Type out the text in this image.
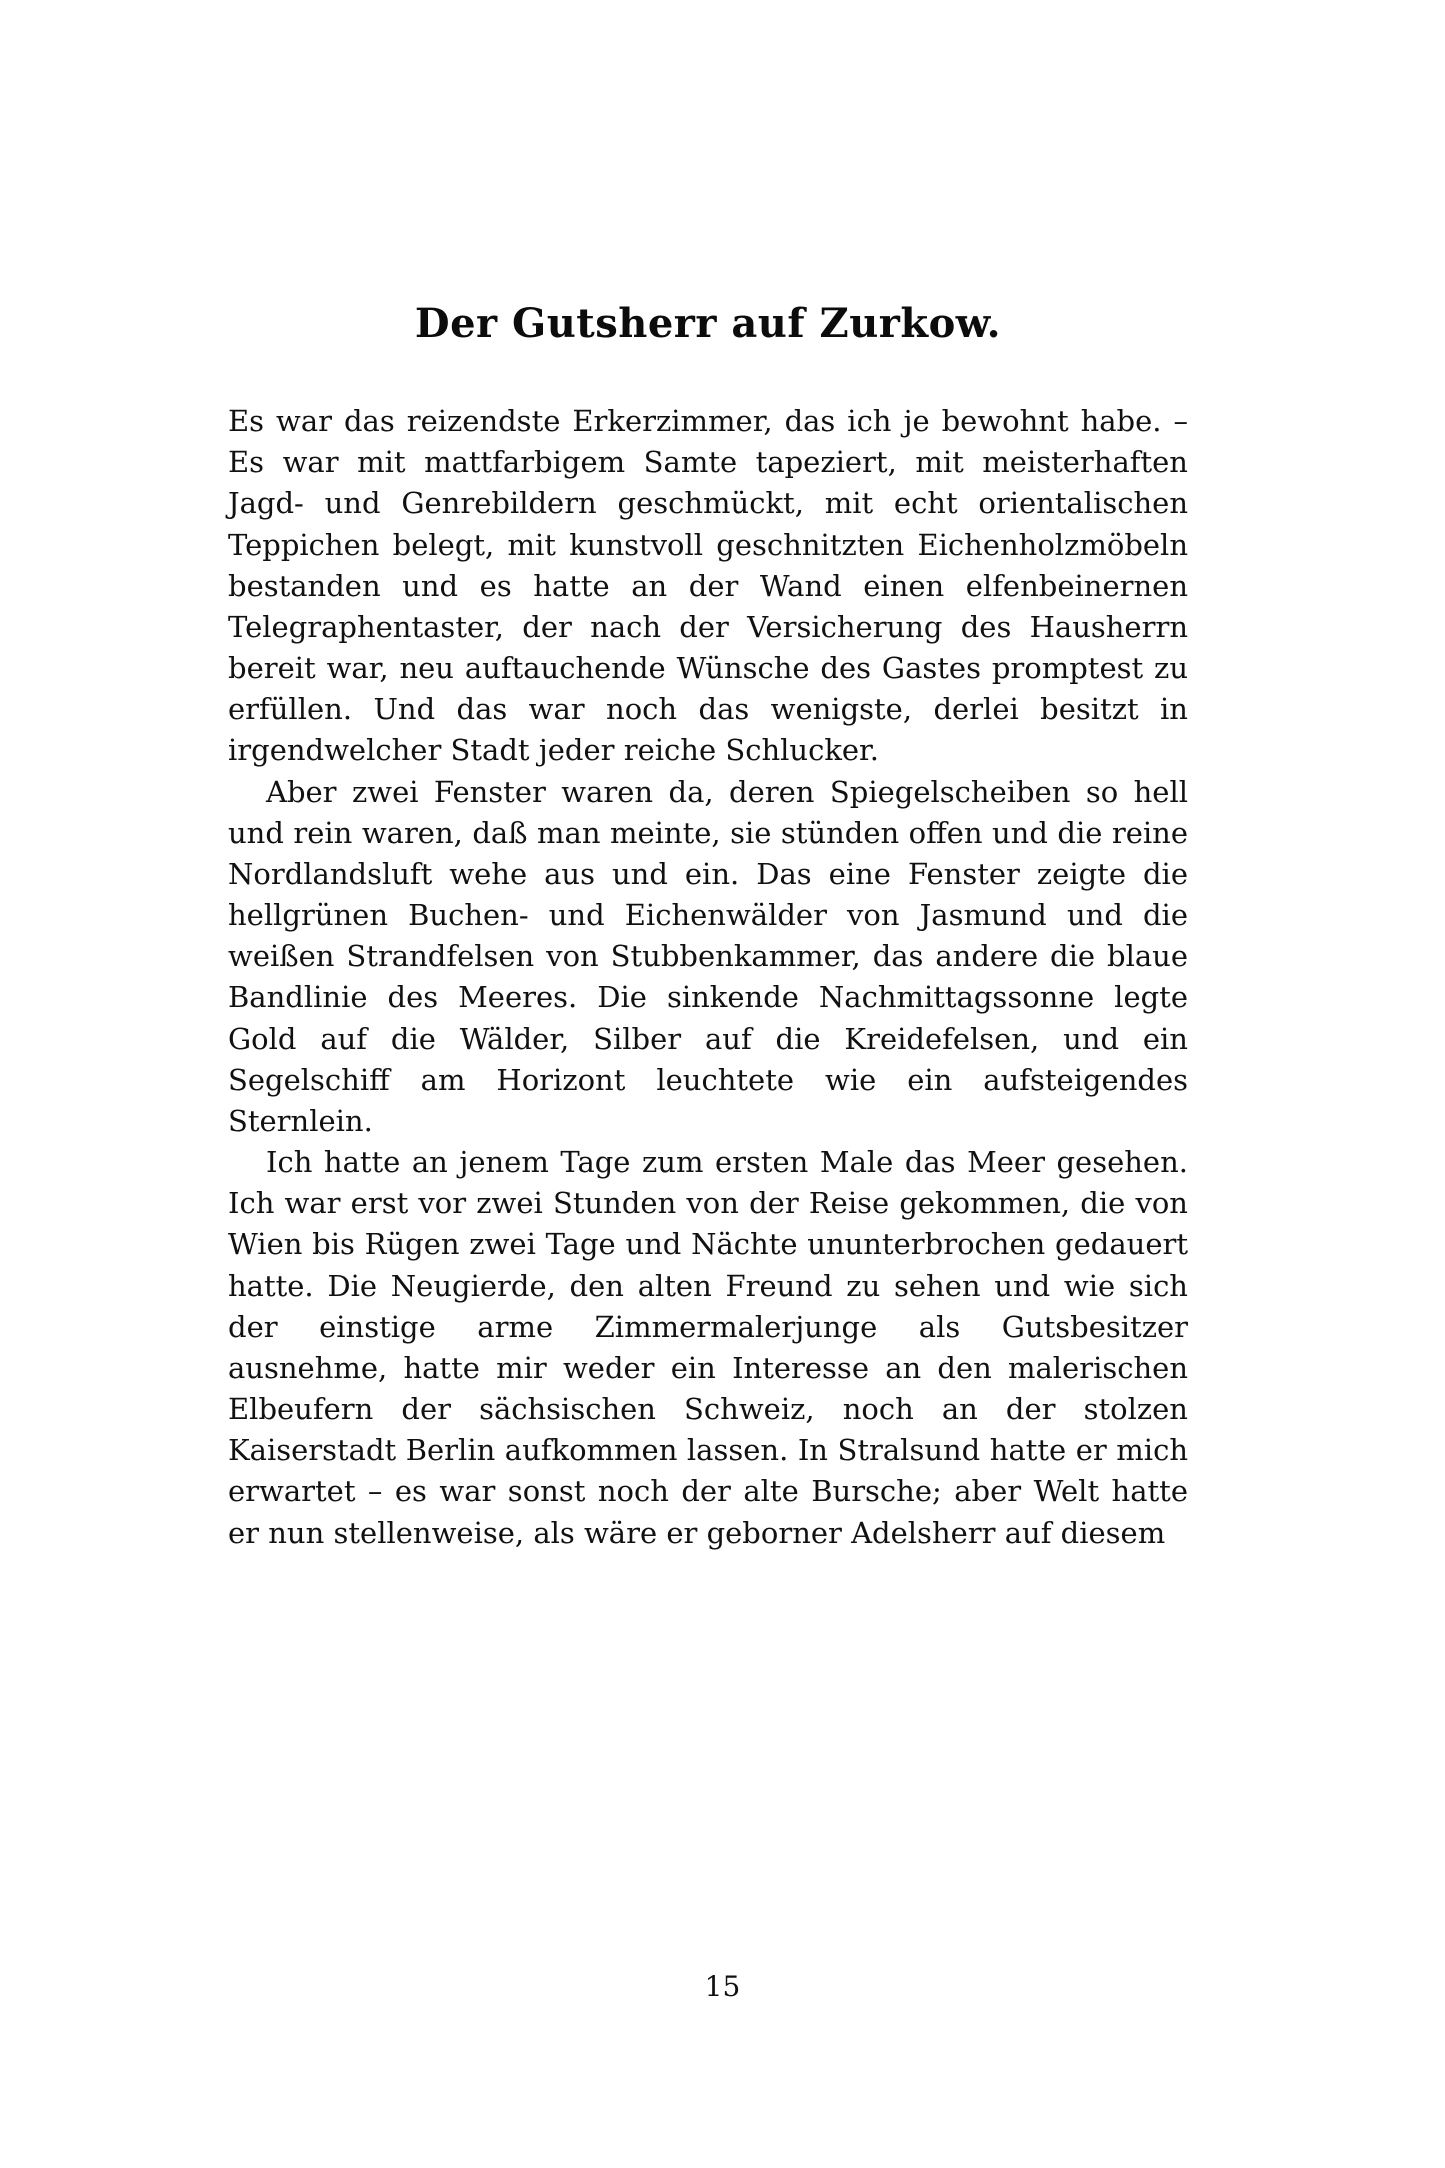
Der Gutsherr auf Zurkow.

Es war das reizendste Erkerzimmer, das ich je bewohnt habe. – Es war mit mattfarbigem Samte tapeziert, mit meisterhaften Jagd- und Genrebildern geschmückt, mit echt orientalischen Teppichen belegt, mit kunstvoll geschnitzten Eichenholzmöbeln bestanden und es hatte an der Wand einen elfenbeinernen Telegraphentaster, der nach der Versicherung des Hausherrn bereit war, neu auftauchende Wünsche des Gastes promptest zu erfüllen. Und das war noch das wenigste, derlei besitzt in irgendwelcher Stadt jeder reiche Schlucker.

Aber zwei Fenster waren da, deren Spiegelscheiben so hell und rein waren, daß man meinte, sie stünden offen und die reine Nordlandsluft wehe aus und ein. Das eine Fenster zeigte die hellgrünen Buchen- und Eichenwälder von Jasmund und die weißen Strandfelsen von Stubbenkammer, das andere die blaue Bandlinie des Meeres. Die sinkende Nachmittagssonne legte Gold auf die Wälder, Silber auf die Kreidefelsen, und ein Segelschiff am Horizont leuchtete wie ein aufsteigendes Sternlein.

Ich hatte an jenem Tage zum ersten Male das Meer gesehen. Ich war erst vor zwei Stunden von der Reise gekommen, die von Wien bis Rügen zwei Tage und Nächte ununterbrochen gedauert hatte. Die Neugierde, den alten Freund zu sehen und wie sich der einstige arme Zimmermalerjunge als Gutsbesitzer ausnehme, hatte mir weder ein Interesse an den malerischen Elbeufern der sächsischen Schweiz, noch an der stolzen Kaiserstadt Berlin aufkommen lassen. In Stralsund hatte er mich erwartet – es war sonst noch der alte Bursche; aber Welt hatte er nun stellenweise, als wäre er geborner Adelsherr auf diesem

15
